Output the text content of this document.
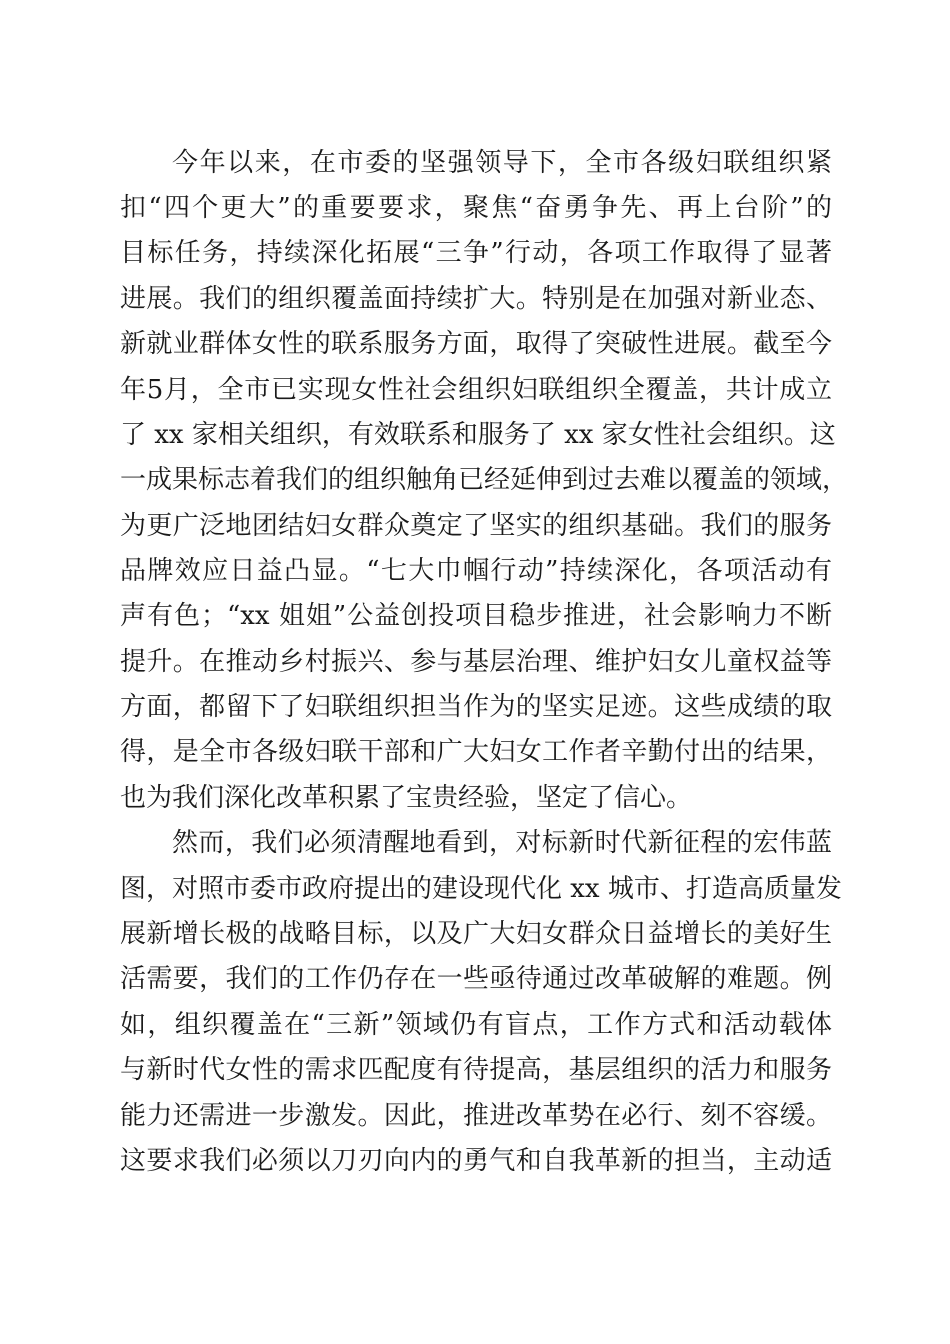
今年以来，在市委的坚强领导下，全市各级妇联组织紧
扣“四个更大”的重要要求，聚焦“奋勇争先、再上台阶”的
目标任务，持续深化拓展“三争”行动，各项工作取得了显著
进展。我们的组织覆盖面持续扩大。特别是在加强对新业态、
新就业群体女性的联系服务方面，取得了突破性进展。截至今
年5月，全市已实现女性社会组织妇联组织全覆盖，共计成立
了 xx 家相关组织，有效联系和服务了 xx 家女性社会组织。这
一成果标志着我们的组织触角已经延伸到过去难以覆盖的领域，
为更广泛地团结妇女群众奠定了坚实的组织基础。我们的服务
品牌效应日益凸显。“七大巾帼行动”持续深化，各项活动有
声有色；“xx 姐姐”公益创投项目稳步推进，社会影响力不断
提升。在推动乡村振兴、参与基层治理、维护妇女儿童权益等
方面，都留下了妇联组织担当作为的坚实足迹。这些成绩的取
得，是全市各级妇联干部和广大妇女工作者辛勤付出的结果，
也为我们深化改革积累了宝贵经验，坚定了信心。
然而，我们必须清醒地看到，对标新时代新征程的宏伟蓝
图，对照市委市政府提出的建设现代化 xx 城市、打造高质量发
展新增长极的战略目标，以及广大妇女群众日益增长的美好生
活需要，我们的工作仍存在一些亟待通过改革破解的难题。例
如，组织覆盖在“三新”领域仍有盲点，工作方式和活动载体
与新时代女性的需求匹配度有待提高，基层组织的活力和服务
能力还需进一步激发。因此，推进改革势在必行、刻不容缓。
这要求我们必须以刀刃向内的勇气和自我革新的担当，主动适
